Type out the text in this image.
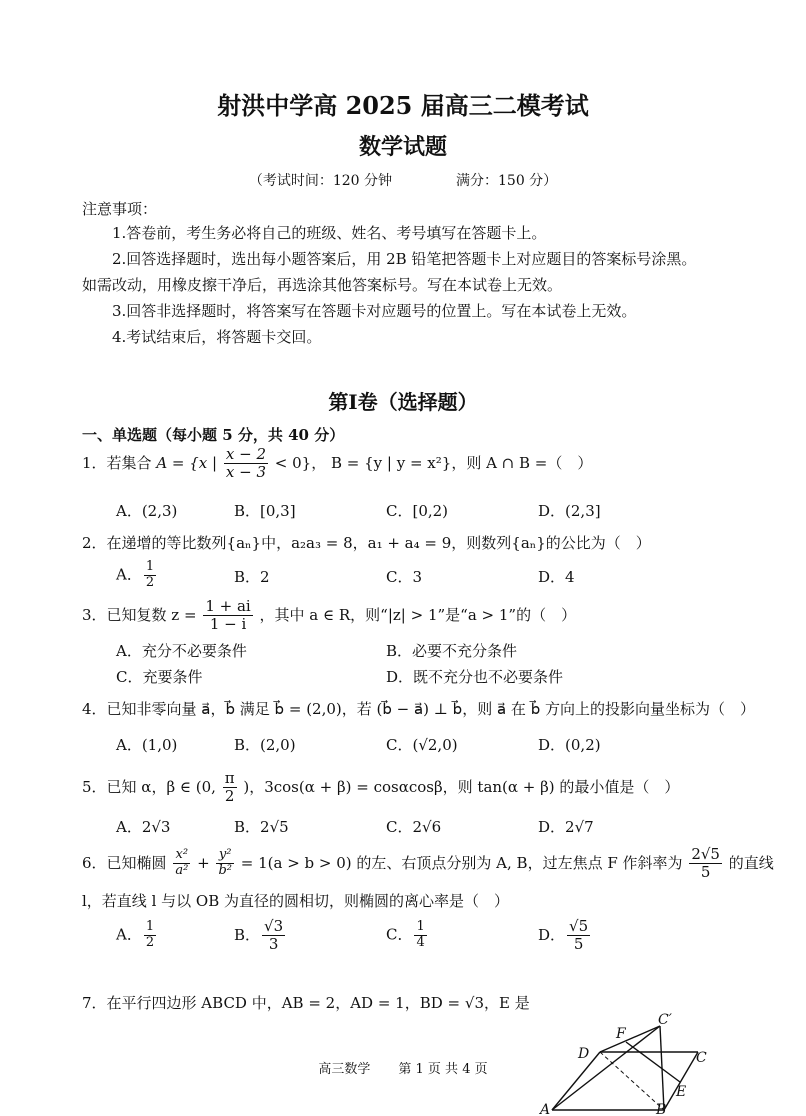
射洪中学高 2025 届高三二模考试
数学试题
（考试时间：120 分钟	满分：150 分）
注意事项：
1.答卷前，考生务必将自己的班级、姓名、考号填写在答题卡上。
2.回答选择题时，选出每小题答案后，用 2B 铅笔把答题卡上对应题目的答案标号涂黑。
如需改动，用橡皮擦干净后，再选涂其他答案标号。写在本试卷上无效。
3.回答非选择题时，将答案写在答题卡对应题号的位置上。写在本试卷上无效。
4.考试结束后，将答题卡交回。
第Ⅰ卷（选择题）
一、单选题（每小题 5 分，共 40 分）
1．若集合 A = {x | $\frac{x - 2}{x - 3} < 0$}， B = {y | y = x²}，则 A ∩ B =（　）
A．(2,3)	B．[0,3]	C．[0,2)	D．(2,3]
2．在递增的等比数列{aₙ}中，a₂a₃ = 8，a₁ + a₄ = 9，则数列{aₙ}的公比为（　）
A． $\frac{1}{2}$	B．2	C．3	D．4
3．已知复数 $z = \frac{1 + ai}{1 - i}$ ，其中 a ∈ R，则“|z| > 1”是“a > 1”的（　）
A．充分不必要条件	B．必要不充分条件
C．充要条件	D．既不充分也不必要条件
4．已知非零向量 a⃗，b⃗ 满足 b⃗ = (2,0)，若 (b⃗ − a⃗) ⊥ b⃗，则 a⃗ 在 b⃗ 方向上的投影向量坐标为（　）
A．(1,0)	B．(2,0)	C．(√2,0)	D．(0,2)
5．已知 α，β ∈ (0, $\frac{\pi}{2}$ )，3cos(α + β) = cosαcosβ，则 tan(α + β) 的最小值是（　）
A．2√3	B．2√5	C．2√6	D．2√7
6．已知椭圆 $\frac{\text{x²}}{\text{a²}} + \frac{\text{y²}}{\text{b²}} = 1(a > b > 0)$ 的左、右顶点分别为 A, B，过左焦点 F 作斜率为 $\frac{2√5}{5}$ 的直线
l，若直线 l 与以 OB 为直径的圆相切，则椭圆的离心率是（　）
A． $\frac{1}{2}$	B． $\frac{√3}{3}$	C． $\frac{1}{4}$	D． $\frac{√5}{5}$
7．在平行四边形 ABCD 中，AB = 2，AD = 1，BD = √3，E 是
F
C′
D	C
E
A	B
高三数学 第 1 页 共 4 页
